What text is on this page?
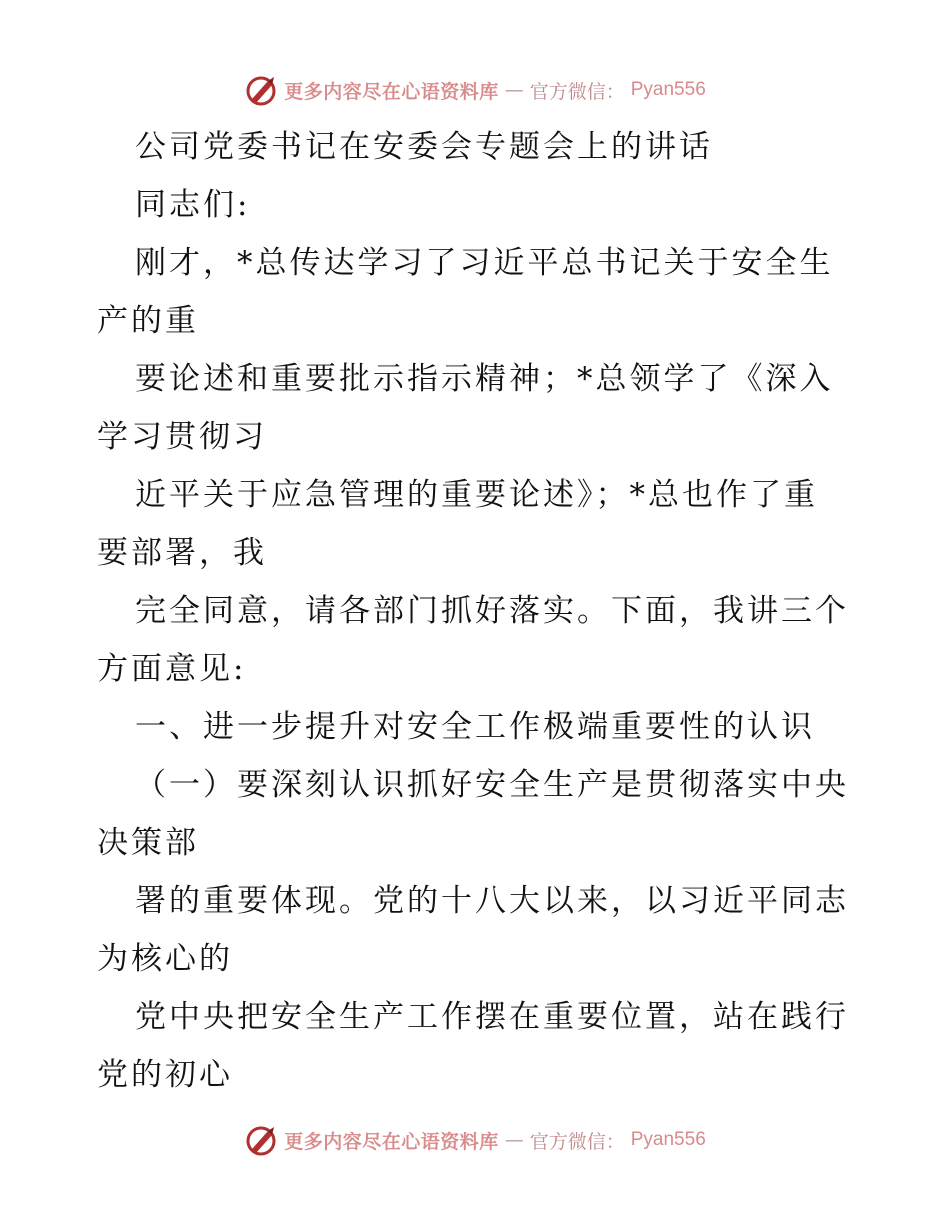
更多内容尽在心语资料库 — 官方微信： Pyan556
公司党委书记在安委会专题会上的讲话
同志们:
刚才，*总传达学习了习近平总书记关于安全生
产的重
要论述和重要批示指示精神；*总领学了《深入
学习贯彻习
近平关于应急管理的重要论述》；*总也作了重
要部署，我
完全同意，请各部门抓好落实。下面，我讲三个
方面意见:
一、进一步提升对安全工作极端重要性的认识
（一）要深刻认识抓好安全生产是贯彻落实中央
决策部
署的重要体现。党的十八大以来，以习近平同志
为核心的
党中央把安全生产工作摆在重要位置，站在践行
党的初心
更多内容尽在心语资料库 — 官方微信： Pyan556
